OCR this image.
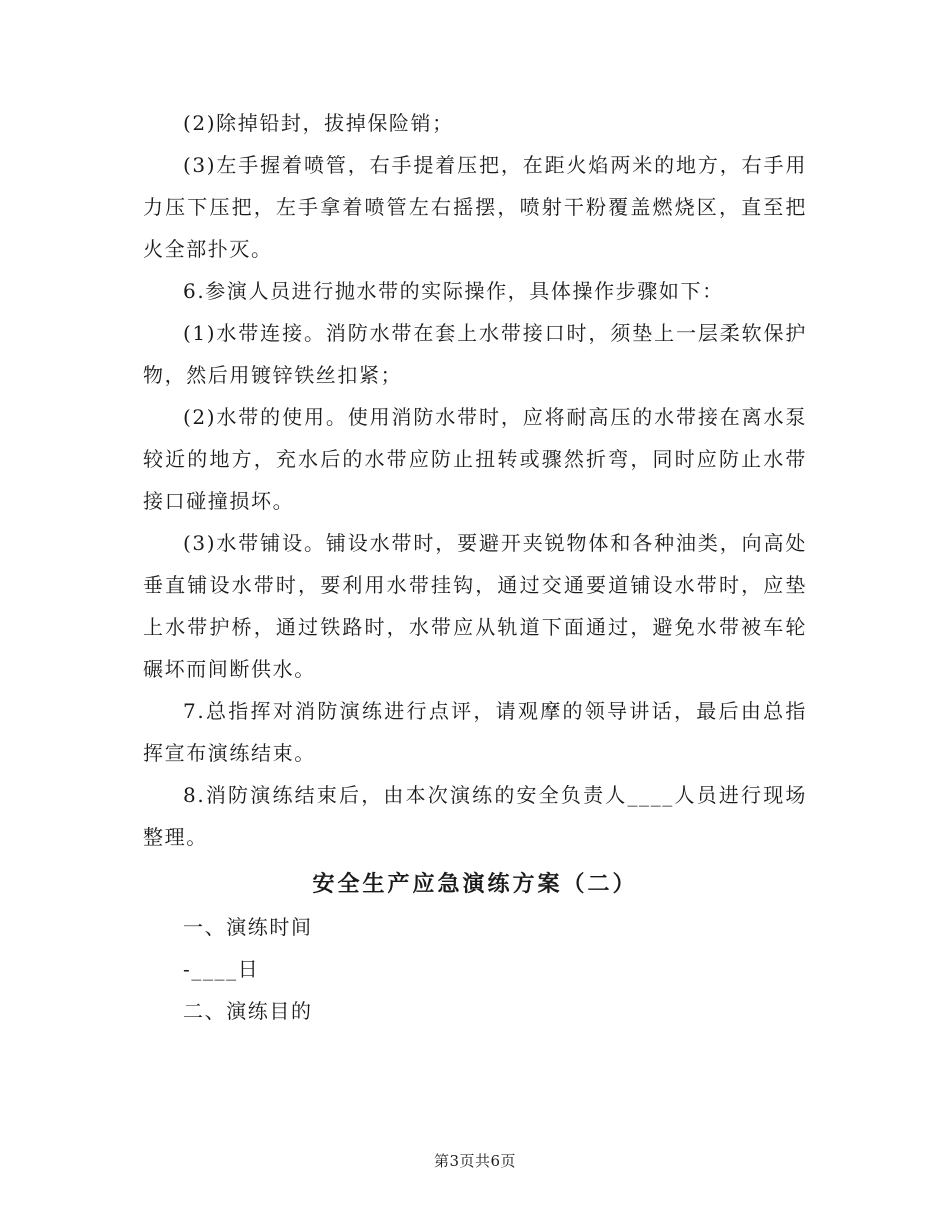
(2)除掉铅封，拔掉保险销；

(3)左手握着喷管，右手提着压把，在距火焰两米的地方，右手用力压下压把，左手拿着喷管左右摇摆，喷射干粉覆盖燃烧区，直至把火全部扑灭。

6.参演人员进行抛水带的实际操作，具体操作步骤如下：

(1)水带连接。消防水带在套上水带接口时，须垫上一层柔软保护物，然后用镀锌铁丝扣紧；

(2)水带的使用。使用消防水带时，应将耐高压的水带接在离水泵较近的地方，充水后的水带应防止扭转或骤然折弯，同时应防止水带接口碰撞损坏。

(3)水带铺设。铺设水带时，要避开夹锐物体和各种油类，向高处垂直铺设水带时，要利用水带挂钩，通过交通要道铺设水带时，应垫上水带护桥，通过铁路时，水带应从轨道下面通过，避免水带被车轮碾坏而间断供水。

7.总指挥对消防演练进行点评，请观摩的领导讲话，最后由总指挥宣布演练结束。

8.消防演练结束后，由本次演练的安全负责人____人员进行现场整理。

安全生产应急演练方案（二）

一、演练时间

-____日

二、演练目的

第3页共6页
